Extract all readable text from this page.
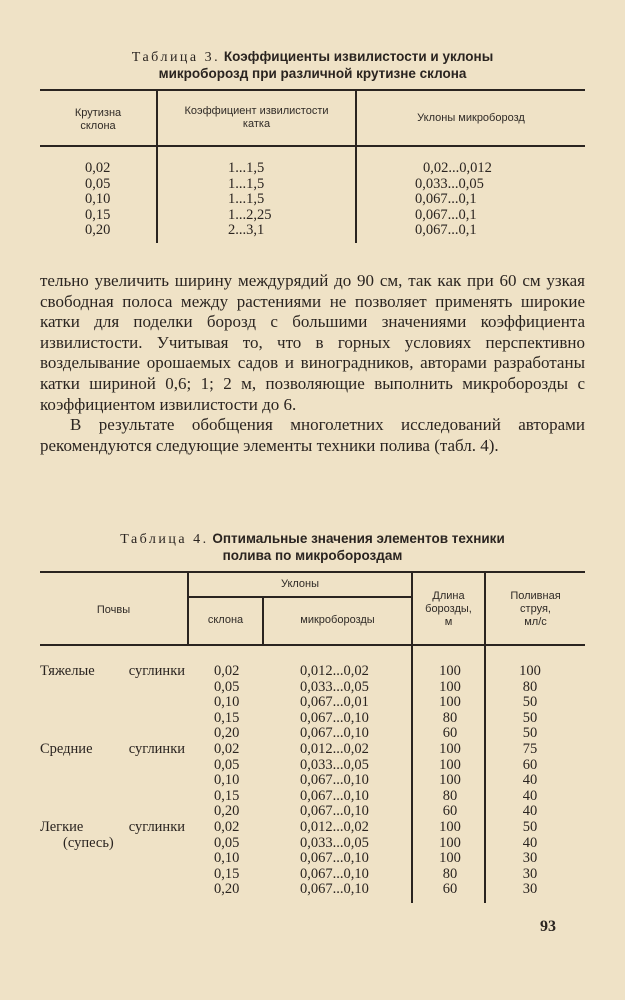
Таблица 3. Коэффициенты извилистости и уклоны
микроборозд при различной крутизне склона
Крутизна
склона
Коэффициент извилистости
катка	Уклоны микроборозд
0,02
0,05
0,10
0,15
0,20
1...1,5
1...1,5
1...1,5
1...2,25
2...3,1
0,02...0,012
0,033...0,05
0,067...0,1
0,067...0,1
0,067...0,1

тельно увеличить ширину междурядий до 90 см, так как при 60 см узкая свободная полоса между растениями не позволяет применять широкие катки для поделки борозд с большими значениями коэффициента извилистости. Учитывая то, что в горных условиях перспективно возделывание орошаемых садов и виноградников, авторами разработаны катки шириной 0,6; 1; 2 м, позволяющие выполнить микроборозды с коэффициентом извилистости до 6.

В результате обобщения многолетних исследований авторами рекомендуются следующие элементы техники полива (табл. 4).

Таблица 4. Оптимальные значения элементов техники
полива по микробороздам
Почвы
Уклоны
склона	микроборозды
Длина
борозды,
м
Поливная
струя,
мл/с
Тяжелые суглинки
Средние суглинки
Легкие суглинки
(супесь)
0,02
0,05
0,10
0,15
0,20
0,02
0,05
0,10
0,15
0,20
0,02
0,05
0,10
0,15
0,20
0,012...0,02
0,033...0,05
0,067...0,01
0,067...0,10
0,067...0,10
0,012...0,02
0,033...0,05
0,067...0,10
0,067...0,10
0,067...0,10
0,012...0,02
0,033...0,05
0,067...0,10
0,067...0,10
0,067...0,10
100
100
100
80
60
100
100
100
80
60
100
100
100
80
60
100
80
50
50
50
75
60
40
40
40
50
40
30
30
30
93
